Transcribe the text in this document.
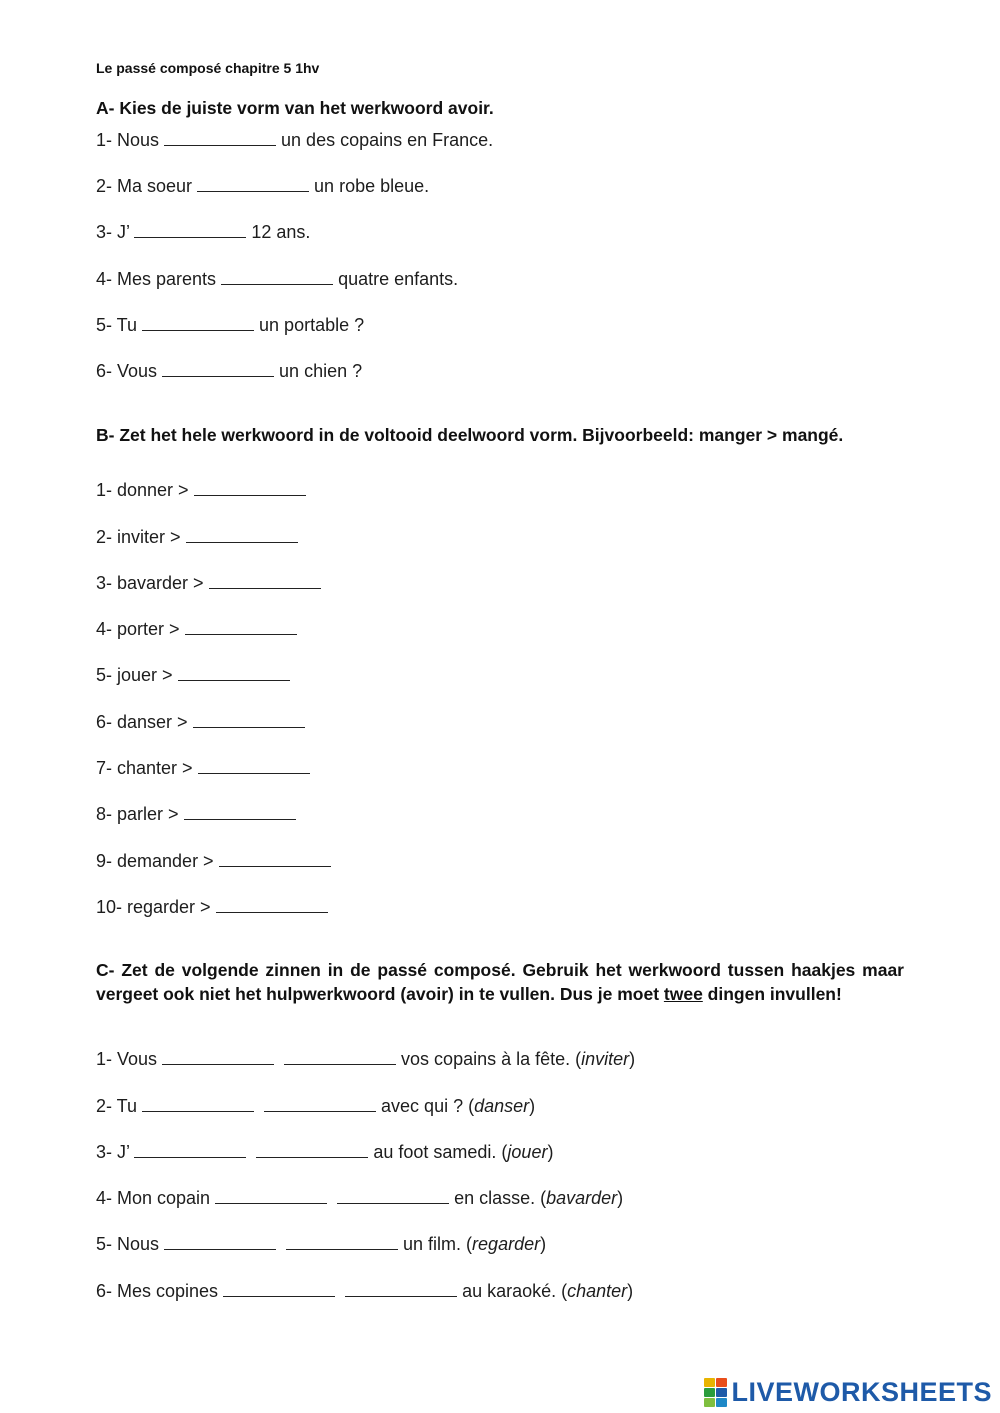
Le passé composé chapitre 5 1hv
A- Kies de juiste vorm van het werkwoord avoir.
1- Nous	un des copains en France.
2- Ma soeur	un robe bleue.
3- J’	12 ans.
4- Mes parents	quatre enfants.
5- Tu	un portable ?
6- Vous	un chien ?
B- Zet het hele werkwoord in de voltooid deelwoord vorm. Bijvoorbeeld: manger > mangé.
1- donner >
2- inviter >
3- bavarder >
4- porter >
5- jouer >
6- danser >
7- chanter >
8- parler >
9- demander >
10- regarder >
C- Zet de volgende zinnen in de passé composé. Gebruik het werkwoord tussen haakjes maar vergeet ook niet het hulpwerkwoord (avoir) in te vullen. Dus je moet twee dingen invullen!
1- Vous	vos copains à la fête. (inviter)
2- Tu	avec qui ? (danser)
3- J’	au foot samedi. (jouer)
4- Mon copain	en classe. (bavarder)
5- Nous	un film. (regarder)
6- Mes copines	au karaoké. (chanter)
LIVEWORKSHEETS
